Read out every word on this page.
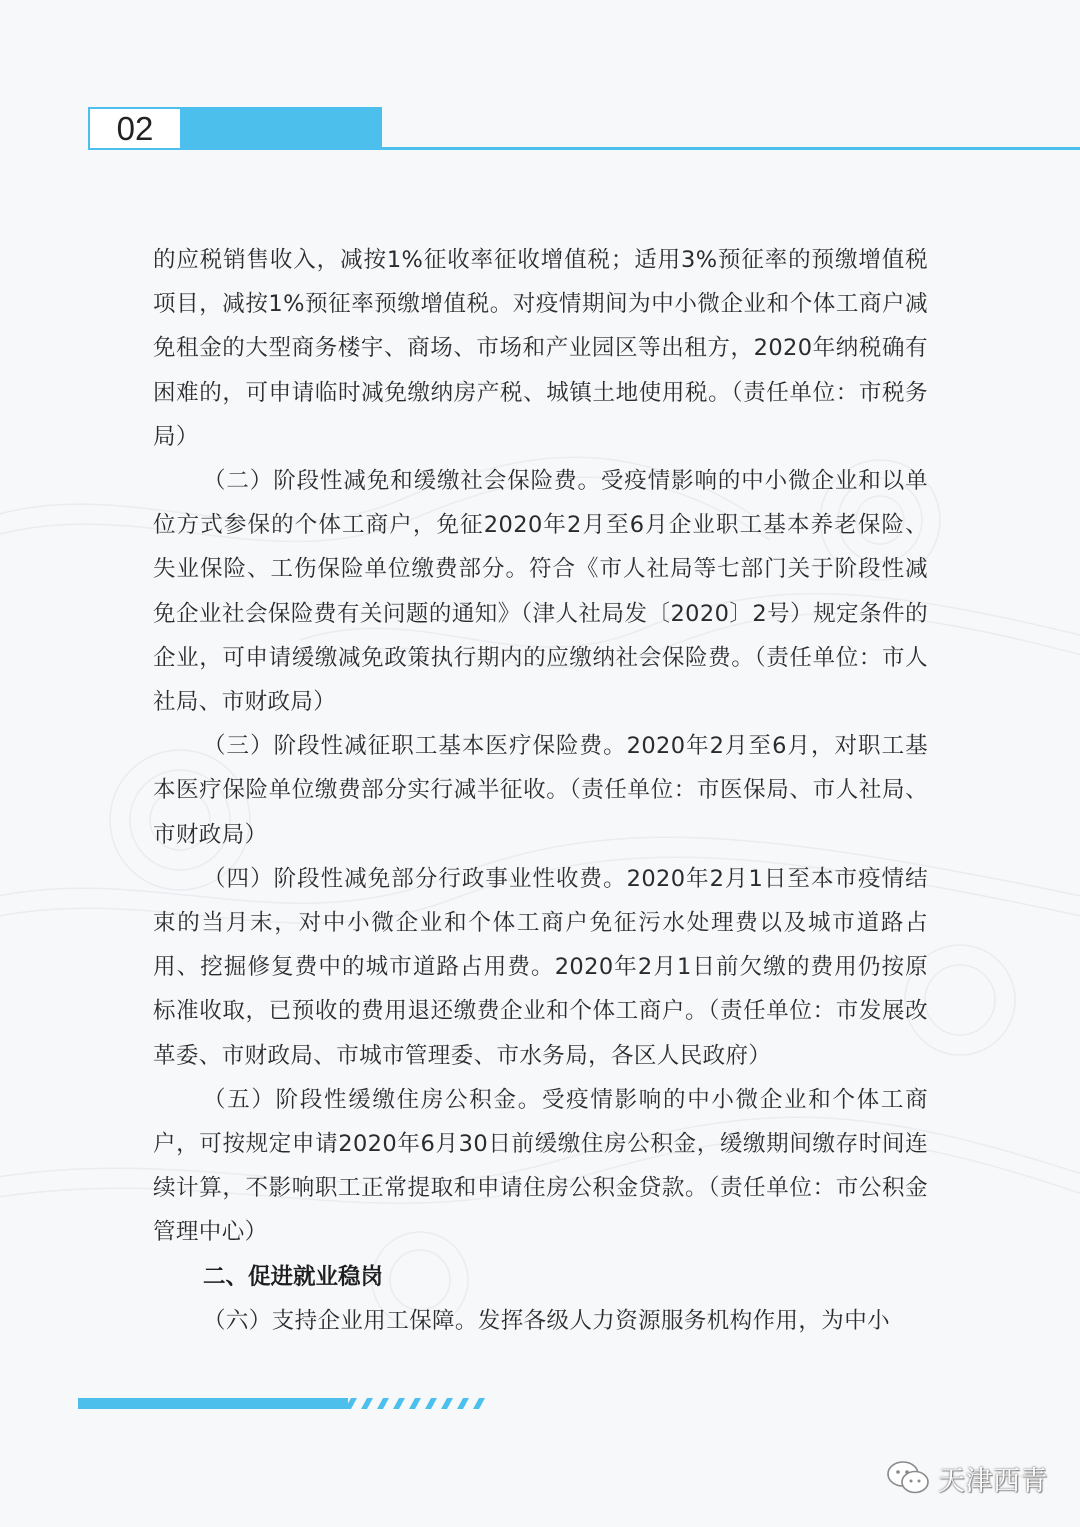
02

的应税销售收入，减按1%征收率征收增值税；适用3%预征率的预缴增值税项目，减按1%预征率预缴增值税。对疫情期间为中小微企业和个体工商户减免租金的大型商务楼宇、商场、市场和产业园区等出租方，2020年纳税确有困难的，可申请临时减免缴纳房产税、城镇土地使用税。（责任单位：市税务局）

（二）阶段性减免和缓缴社会保险费。受疫情影响的中小微企业和以单位方式参保的个体工商户，免征2020年2月至6月企业职工基本养老保险、失业保险、工伤保险单位缴费部分。符合《市人社局等七部门关于阶段性减免企业社会保险费有关问题的通知》（津人社局发〔2020〕2号）规定条件的企业，可申请缓缴减免政策执行期内的应缴纳社会保险费。（责任单位：市人社局、市财政局）

（三）阶段性减征职工基本医疗保险费。2020年2月至6月，对职工基本医疗保险单位缴费部分实行减半征收。（责任单位：市医保局、市人社局、市财政局）

（四）阶段性减免部分行政事业性收费。2020年2月1日至本市疫情结束的当月末，对中小微企业和个体工商户免征污水处理费以及城市道路占用、挖掘修复费中的城市道路占用费。2020年2月1日前欠缴的费用仍按原标准收取，已预收的费用退还缴费企业和个体工商户。（责任单位：市发展改革委、市财政局、市城市管理委、市水务局，各区人民政府）

（五）阶段性缓缴住房公积金。受疫情影响的中小微企业和个体工商户，可按规定申请2020年6月30日前缓缴住房公积金，缓缴期间缴存时间连续计算，不影响职工正常提取和申请住房公积金贷款。（责任单位：市公积金管理中心）

二、促进就业稳岗

（六）支持企业用工保障。发挥各级人力资源服务机构作用，为中小

天津西青
